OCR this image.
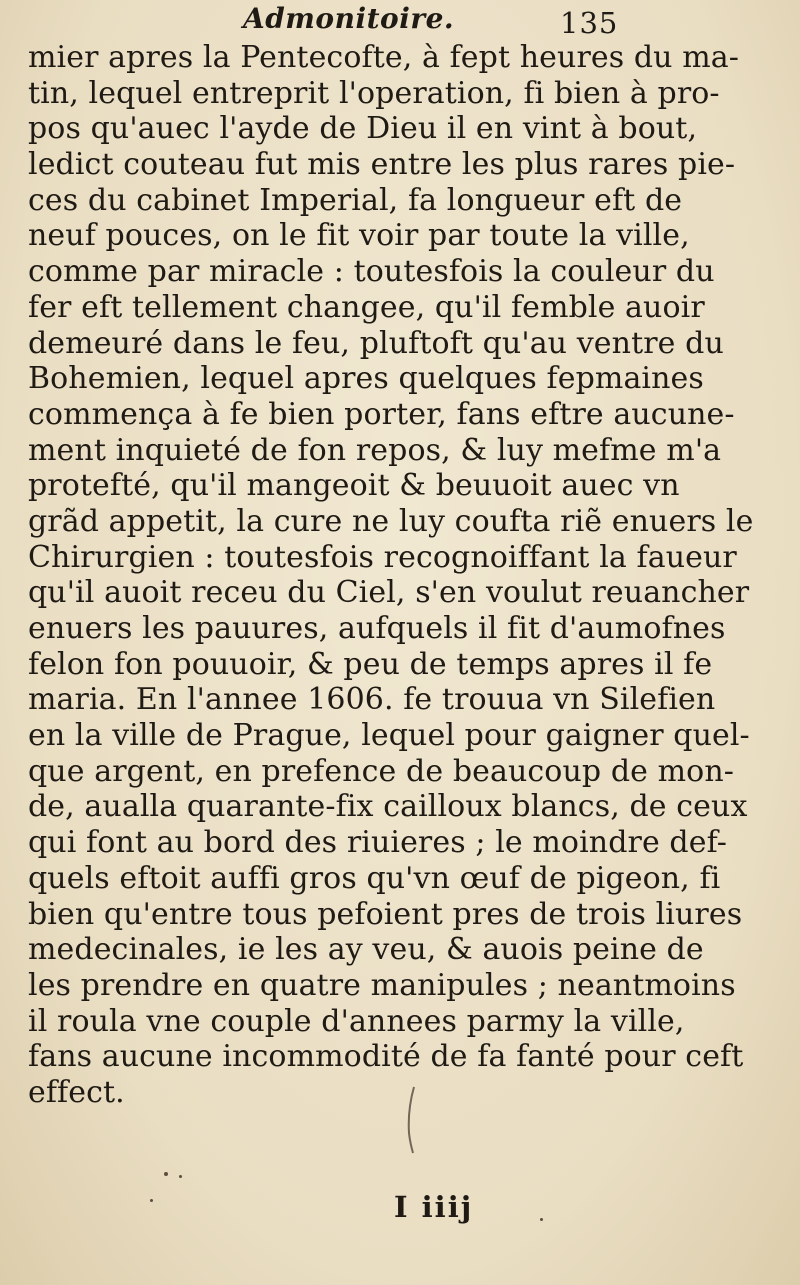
Admonitoire.	135
mier apres la Pentecofte, à fept heures du ma-
tin, lequel entreprit l'operation, fi bien à pro-
pos qu'auec l'ayde de Dieu il en vint à bout,
ledict couteau fut mis entre les plus rares pie-
ces du cabinet Imperial, fa longueur eft de
neuf pouces, on le fit voir par toute la ville,
comme par miracle : toutesfois la couleur du
fer eft tellement changee, qu'il femble auoir
demeuré dans le feu, pluftoft qu'au ventre du
Bohemien, lequel apres quelques fepmaines
commença à fe bien porter, fans eftre aucune-
ment inquieté de fon repos, & luy mefme m'a
protefté, qu'il mangeoit & beuuoit auec vn
grãd appetit, la cure ne luy coufta riẽ enuers le
Chirurgien : toutesfois recognoiffant la faueur
qu'il auoit receu du Ciel, s'en voulut reuancher
enuers les pauures, aufquels il fit d'aumofnes
felon fon pouuoir, & peu de temps apres il fe
maria. En l'annee 1606. fe trouua vn Silefien
en la ville de Prague, lequel pour gaigner quel-
que argent, en prefence de beaucoup de mon-
de, aualla quarante-fix cailloux blancs, de ceux
qui font au bord des riuieres ; le moindre def-
quels eftoit auffi gros qu'vn œuf de pigeon, fi
bien qu'entre tous pefoient pres de trois liures
medecinales, ie les ay veu, & auois peine de
les prendre en quatre manipules ; neantmoins
il roula vne couple d'annees parmy la ville,
fans aucune incommodité de fa fanté pour ceft
effect.
I iiij
